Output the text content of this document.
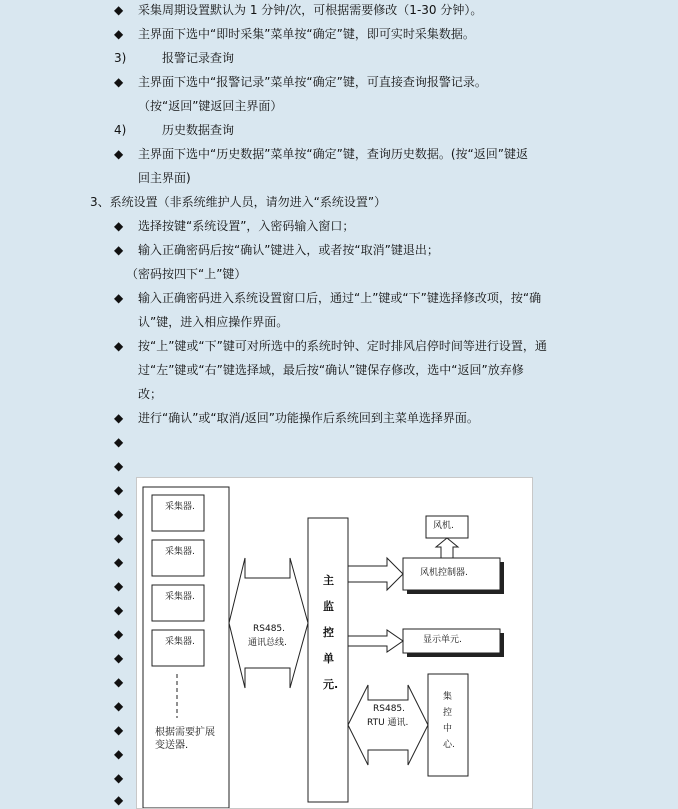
◆ 采集周期设置默认为 1 分钟/次，可根据需要修改（1-30 分钟）。
◆ 主界面下选中“即时采集”菜单按“确定”键，即可实时采集数据。
3)	报警记录查询
◆ 主界面下选中“报警记录”菜单按“确定”键，可直接查询报警记录。
（按“返回”键返回主界面）
4)	历史数据查询
◆ 主界面下选中“历史数据”菜单按“确定”键，查询历史数据。(按“返回”键返
回主界面)
3、系统设置（非系统维护人员，请勿进入“系统设置”）
◆ 选择按键“系统设置”，入密码输入窗口；
◆ 输入正确密码后按“确认”键进入，或者按“取消”键退出；
（密码按四下“上”键）
◆ 输入正确密码进入系统设置窗口后，通过“上”键或“下”键选择修改项，按“确
认”键，进入相应操作界面。
◆ 按“上”键或“下”键可对所选中的系统时钟、定时排风启停时间等进行设置，通
过“左”键或“右”键选择域，最后按“确认”键保存修改，选中“返回”放弃修
改；
◆ 进行“确认”或“取消/返回”功能操作后系统回到主菜单选择界面。
◆
◆
◆
◆
◆
◆
◆
◆
◆
◆
◆
◆
◆
◆
◆
◆
采集器.
采集器.
采集器.
采集器.
根据需要扩展变送器.
RS485.
通讯总线.
主
监
控
单
元.
风机.
风机控制器.
显示单元.
RS485.
RTU 通讯.
集
控
中
心.
